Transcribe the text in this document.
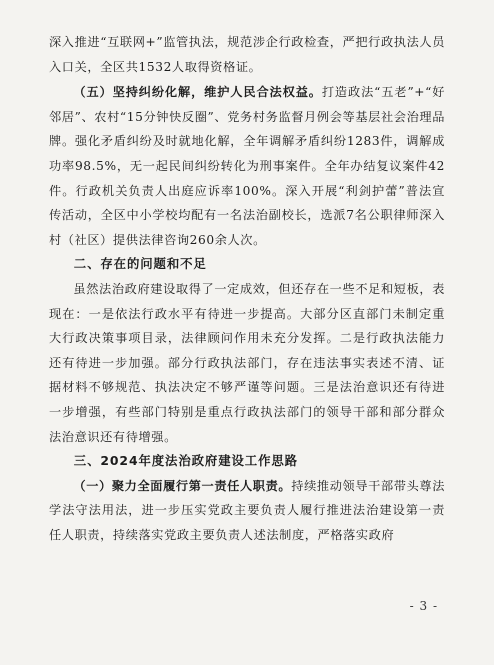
深入推进“互联网+”监管执法，规范涉企行政检查，严把行政执法人员入口关，全区共1532人取得资格证。

（五）坚持纠纷化解，维护人民合法权益。打造政法“五老”+“好邻居”、农村“15分钟快反圈”、党务村务监督月例会等基层社会治理品牌。强化矛盾纠纷及时就地化解，全年调解矛盾纠纷1283件，调解成功率98.5%，无一起民间纠纷转化为刑事案件。全年办结复议案件42件。行政机关负责人出庭应诉率100%。深入开展“利剑护蕾”普法宣传活动，全区中小学校均配有一名法治副校长，选派7名公职律师深入村（社区）提供法律咨询260余人次。

二、存在的问题和不足

虽然法治政府建设取得了一定成效，但还存在一些不足和短板，表现在：一是依法行政水平有待进一步提高。大部分区直部门未制定重大行政决策事项目录，法律顾问作用未充分发挥。二是行政执法能力还有待进一步加强。部分行政执法部门，存在违法事实表述不清、证据材料不够规范、执法决定不够严谨等问题。三是法治意识还有待进一步增强，有些部门特别是重点行政执法部门的领导干部和部分群众法治意识还有待增强。

三、2024年度法治政府建设工作思路

（一）聚力全面履行第一责任人职责。持续推动领导干部带头尊法学法守法用法，进一步压实党政主要负责人履行推进法治建设第一责任人职责，持续落实党政主要负责人述法制度，严格落实政府

- 3 -
